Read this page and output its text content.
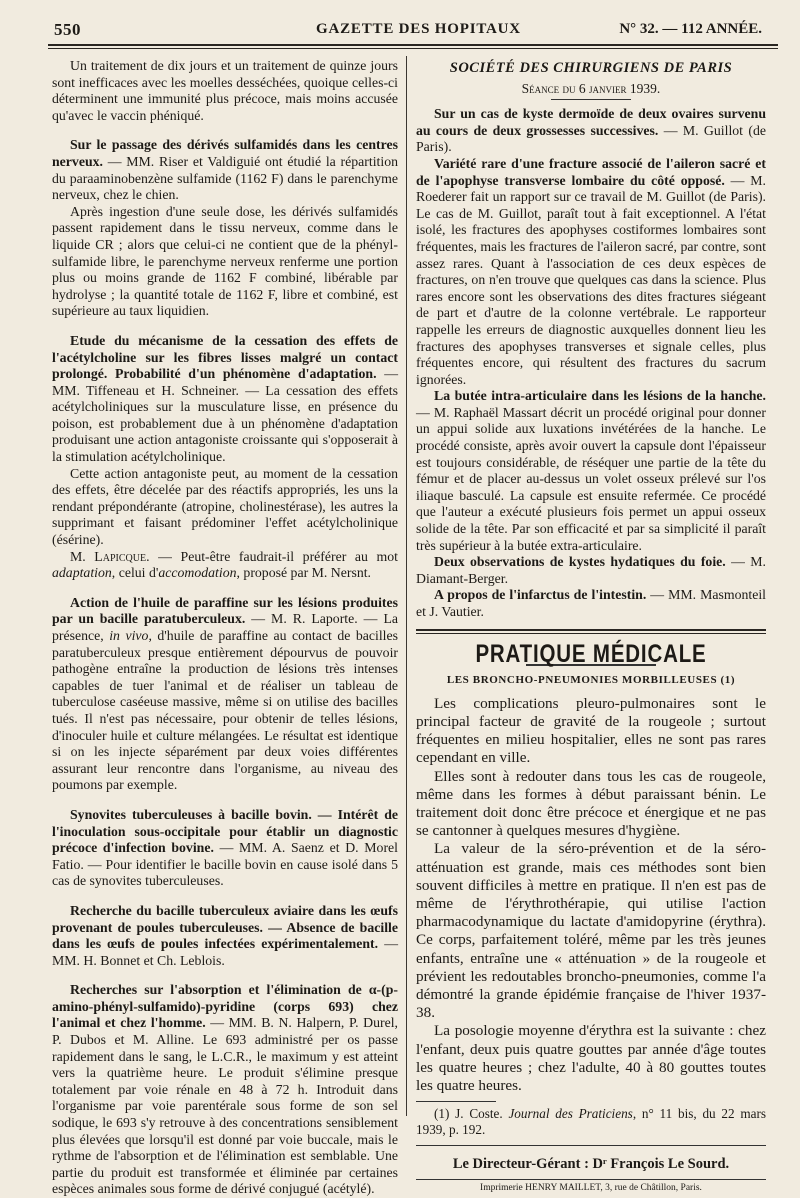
550	GAZETTE DES HOPITAUX	N° 32. — 112 ANNÉE.

Un traitement de dix jours et un traitement de quinze jours sont inefficaces avec les moelles desséchées, quoique celles-ci déterminent une immunité plus précoce, mais moins accusée qu'avec le vaccin phéniqué.

Sur le passage des dérivés sulfamidés dans les centres nerveux. — MM. Riser et Valdiguié ont étudié la répartition du paraaminobenzène sulfamide (1162 F) dans le parenchyme nerveux, chez le chien.

Après ingestion d'une seule dose, les dérivés sulfamidés passent rapidement dans le tissu nerveux, comme dans le liquide CR ; alors que celui-ci ne contient que de la phényl-sulfamide libre, le parenchyme nerveux renferme une portion plus ou moins grande de 1162 F combiné, libérable par hydrolyse ; la quantité totale de 1162 F, libre et combiné, est supérieure au taux liquidien.

Etude du mécanisme de la cessation des effets de l'acétylcholine sur les fibres lisses malgré un contact prolongé. Probabilité d'un phénomène d'adaptation. — MM. Tiffeneau et H. Schneiner. — La cessation des effets acétylcholiniques sur la musculature lisse, en présence du poison, est probablement due à un phénomène d'adaptation produisant une action antagoniste croissante qui s'opposerait à la stimulation acétylcholinique.

Cette action antagoniste peut, au moment de la cessation des effets, être décelée par des réactifs appropriés, les uns la rendant prépondérante (atropine, cholinestérase), les autres la supprimant et faisant prédominer l'effet acétylcholinique (ésérine).

M. Lapicque. — Peut-être faudrait-il préférer au mot adaptation, celui d'accomodation, proposé par M. Nersnt.

Action de l'huile de paraffine sur les lésions produites par un bacille paratuberculeux. — M. R. Laporte. — La présence, in vivo, d'huile de paraffine au contact de bacilles paratuberculeux presque entièrement dépourvus de pouvoir pathogène entraîne la production de lésions très intenses capables de tuer l'animal et de réaliser un tableau de tuberculose caséeuse massive, même si on utilise des bacilles tués. Il n'est pas nécessaire, pour obtenir de telles lésions, d'inoculer huile et culture mélangées. Le résultat est identique si on les injecte séparément par deux voies différentes assurant leur rencontre dans l'organisme, au niveau des poumons par exemple.

Synovites tuberculeuses à bacille bovin. — Intérêt de l'inoculation sous-occipitale pour établir un diagnostic précoce d'infection bovine. — MM. A. Saenz et D. Morel Fatio. — Pour identifier le bacille bovin en cause isolé dans 5 cas de synovites tuberculeuses.

Recherche du bacille tuberculeux aviaire dans les œufs provenant de poules tuberculeuses. — Absence de bacille dans les œufs de poules infectées expérimentalement. — MM. H. Bonnet et Ch. Leblois.

Recherches sur l'absorption et l'élimination de α-(p-amino-phényl-sulfamido)-pyridine (corps 693) chez l'animal et chez l'homme. — MM. B. N. Halpern, P. Durel, P. Dubos et M. Alline. Le 693 administré per os passe rapidement dans le sang, le L.C.R., le maximum y est atteint vers la quatrième heure. Le produit s'élimine presque totalement par voie rénale en 48 à 72 h. Introduit dans l'organisme par voie parentérale sous forme de son sel sodique, le 693 s'y retrouve à des concentrations sensiblement plus élevées que lorsqu'il est donné par voie buccale, mais le rythme de l'absorption et de l'élimination est semblable. Une partie du produit est transformée et éliminée par certaines espèces animales sous forme de dérivé conjugué (acétylé).

SOCIÉTÉ DES CHIRURGIENS DE PARIS
Séance du 6 janvier 1939.

Sur un cas de kyste dermoïde de deux ovaires survenu au cours de deux grossesses successives. — M. Guillot (de Paris).

Variété rare d'une fracture associé de l'aileron sacré et de l'apophyse transverse lombaire du côté opposé. — M. Roederer fait un rapport sur ce travail de M. Guillot (de Paris). Le cas de M. Guillot, paraît tout à fait exceptionnel. A l'état isolé, les fractures des apophyses costiformes lombaires sont fréquentes, mais les fractures de l'aileron sacré, par contre, sont assez rares. Quant à l'association de ces deux espèces de fractures, on n'en trouve que quelques cas dans la science. Plus rares encore sont les observations des dites fractures siégeant de part et d'autre de la colonne vertébrale. Le rapporteur rappelle les erreurs de diagnostic auxquelles donnent lieu les fractures des apophyses transverses et signale celles, plus fréquentes encore, qui résultent des fractures du sacrum ignorées.

La butée intra-articulaire dans les lésions de la hanche. — M. Raphaël Massart décrit un procédé original pour donner un appui solide aux luxations invétérées de la hanche. Le procédé consiste, après avoir ouvert la capsule dont l'épaisseur est toujours considérable, de réséquer une partie de la tête du fémur et de placer au-dessus un volet osseux prélevé sur l'os iliaque basculé. La capsule est ensuite refermée. Ce procédé que l'auteur a exécuté plusieurs fois permet un appui osseux solide de la tête. Par son efficacité et par sa simplicité il paraît très supérieur à la butée extra-articulaire.

Deux observations de kystes hydatiques du foie. — M. Diamant-Berger.

A propos de l'infarctus de l'intestin. — MM. Masmonteil et J. Vautier.

PRATIQUE MÉDICALE
LES BRONCHO-PNEUMONIES MORBILLEUSES (1)

Les complications pleuro-pulmonaires sont le principal facteur de gravité de la rougeole ; surtout fréquentes en milieu hospitalier, elles ne sont pas rares cependant en ville.

Elles sont à redouter dans tous les cas de rougeole, même dans les formes à début paraissant bénin. Le traitement doit donc être précoce et énergique et ne pas se cantonner à quelques mesures d'hygiène.

La valeur de la séro-prévention et de la séro-atténuation est grande, mais ces méthodes sont bien souvent difficiles à mettre en pratique. Il n'en est pas de même de l'érythrothérapie, qui utilise l'action pharmacodynamique du lactate d'amidopyrine (érythra). Ce corps, parfaitement toléré, même par les très jeunes enfants, entraîne une « atténuation » de la rougeole et prévient les redoutables broncho-pneumonies, comme l'a démontré la grande épidémie française de l'hiver 1937-38.

La posologie moyenne d'érythra est la suivante : chez l'enfant, deux puis quatre gouttes par année d'âge toutes les quatre heures ; chez l'adulte, 40 à 80 gouttes toutes les quatre heures.

(1) J. Coste. Journal des Praticiens, n° 11 bis, du 22 mars 1939, p. 192.

Le Directeur-Gérant : Dʳ François Le Sourd.
Imprimerie HENRY MAILLET, 3, rue de Châtillon, Paris.
